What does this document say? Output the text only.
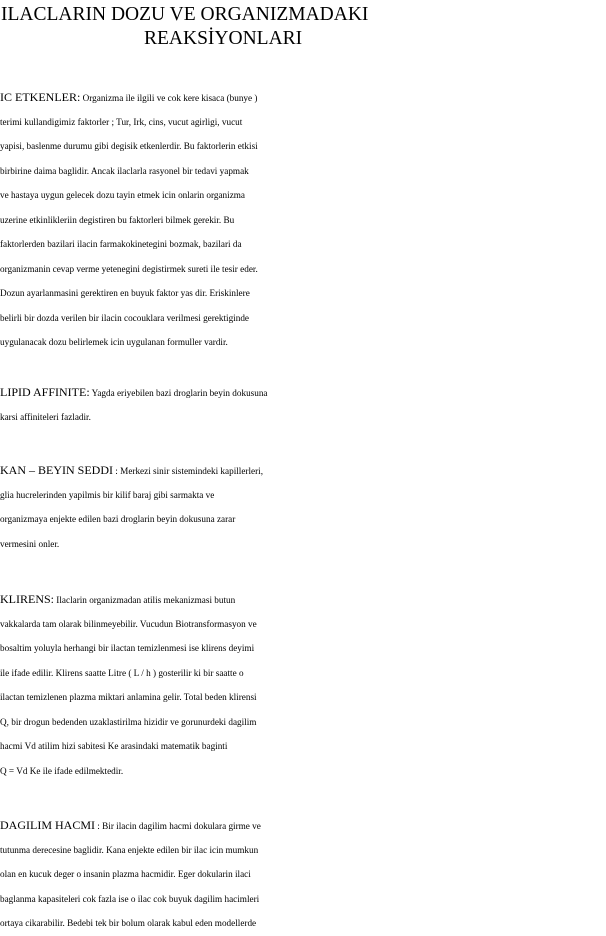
ILACLARIN DOZU VE ORGANIZMADAKI
REAKSİYONLARI
IC ETKENLER: Organizma ile ilgili ve cok kere kisaca (bunye )
terimi kullandigimiz faktorler ; Tur, Irk, cins, vucut agirligi, vucut
yapisi, baslenme durumu gibi degisik etkenlerdir. Bu faktorlerin etkisi
birbirine daima baglidir. Ancak ilaclarla rasyonel bir tedavi yapmak
ve hastaya uygun gelecek dozu tayin etmek icin onlarin organizma
uzerine etkinlikleriin degistiren bu faktorleri bilmek gerekir. Bu
faktorlerden bazilari ilacin farmakokinetegini bozmak, bazilari da
organizmanin cevap verme yetenegini degistirmek sureti ile tesir eder.
Dozun ayarlanmasini gerektiren en buyuk faktor yas dir. Eriskinlere
belirli bir dozda verilen bir ilacin cocouklara verilmesi gerektiginde
uygulanacak dozu belirlemek icin uygulanan formuller vardir.
LIPID AFFINITE: Yagda eriyebilen bazi droglarin beyin dokusuna
karsi affiniteleri fazladir.
KAN – BEYIN SEDDI : Merkezi sinir sistemindeki kapillerleri,
glia hucrelerinden yapilmis bir kilif baraj gibi sarmakta ve
organizmaya enjekte edilen bazi droglarin beyin dokusuna zarar
vermesini onler.
KLIRENS: Ilaclarin organizmadan atilis mekanizmasi butun
vakkalarda tam olarak bilinmeyebilir. Vucudun Biotransformasyon ve
bosaltim yoluyla herhangi bir ilactan temizlenmesi ise klirens deyimi
ile ifade edilir. Klirens saatte Litre ( L / h ) gosterilir ki bir saatte o
ilactan temizlenen plazma miktari anlamina gelir. Total beden klirensi
Q, bir drogun bedenden uzaklastirilma hizidir ve gorunurdeki dagilim
hacmi Vd atilim hizi sabitesi Ke arasindaki matematik baginti
Q = Vd Ke ile ifade edilmektedir.
DAGILIM HACMI : Bir ilacin dagilim hacmi dokulara girme ve
tutunma derecesine baglidir. Kana enjekte edilen bir ilac icin mumkun
olan en kucuk deger o insanin plazma hacmidir. Eger dokularin ilaci
baglanma kapasiteleri cok fazla ise o ilac cok buyuk dagilim hacimleri
ortaya cikarabilir. Bedebi tek bir bolum olarak kabul eden modellerde
